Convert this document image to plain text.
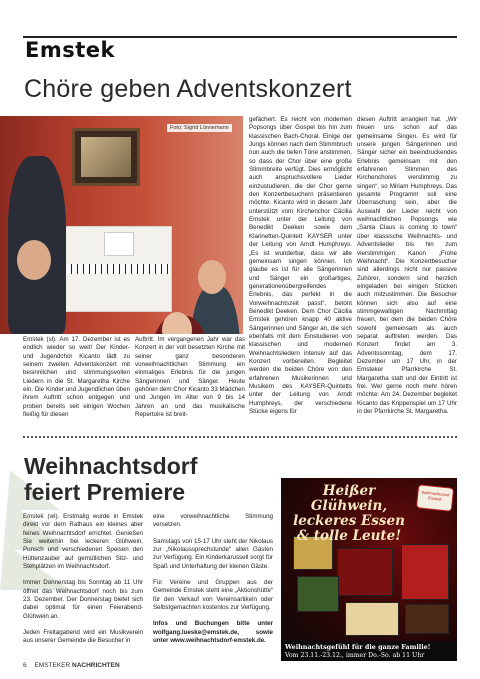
Emstek
Chöre geben Adventskonzert
Foto: Sigrid Lünnemann

Emstek (sl). Am 17. Dezember ist es endlich wieder so weit! Der Kinder- und Jugendchor Kicanto lädt zu seinem zweiten Adventskonzert mit besinnlichen und stimmungsvollen Liedern in die St. Margaretha Kirche ein. Die Kinder und Jugendlichen üben ihrem Auftritt schon entgegen und proben bereits seit einigen Wochen fleißig für diesen

Auftritt. Im vergangenen Jahr war das Konzert in der voll besetzten Kirche mit seiner ganz besonderen vorweihnachtlichen Stimmung ein einmaliges Erlebnis für die jungen Sängerinnen und Sänger. Heute gehören dem Chor Kicanto 33 Mädchen und Jungen im Alter von 9 bis 14 Jahren an und das musikalische Repertoire ist breit-

gefächert. Es reicht von modernen Popsongs über Gospel bis hin zum klassischen Bach-Choral. Einige der Jungs können nach dem Stimmbruch nun auch die tiefen Töne anstimmen, so dass der Chor über eine große Stimmbreite verfügt. Dies ermöglicht auch anspruchsvollere Lieder einzustudieren, die der Chor gerne den Konzertbesuchern präsentieren möchte. Kicanto wird in diesem Jahr unterstützt vom Kirchenchor Cäcilia Emstek unter der Leitung von Benedikt Deeken sowie dem Klarinetten-Quintett KAYSER unter der Leitung von Arndt Humphreys. „Es ist wunderbar, dass wir alle gemeinsam singen können. Ich glaube es ist für alle Sängerinnen und Sänger ein großartiges, generationenübergreifendes Erlebnis, das perfekt in die Vorweihnachtszeit passt“, betont Benedikt Deeken. Dem Chor Cäcilia Emstek gehören knapp 40 aktive Sängerinnen und Sänger an, die sich ebenfalls mit dem Einstudieren von klassischen und modernen Weihnachtsliedern intensiv auf das Konzert vorbereiten. Begleitet werden die beiden Chöre von den erfahrenen Musikerinnen und Musikern des KAYSER-Quintetts unter der Leitung von Arndt Humphreys, der verschiedene Stücke eigens für

diesen Auftritt arrangiert hat. „Wir freuen uns schon auf das gemeinsame Singen. Es wird für unsere jungen Sängerinnen und Sänger sicher ein beeindruckendes Erlebnis gemeinsam mit den erfahrenen Stimmen des Kirchenchores vierstimmig zu singen“, so Miriam Humphreys. Das gesamte Programm soll eine Überraschung sein, aber die Auswahl der Lieder reicht von weihnachtlichen Popsongs wie „Santa Claus is coming to town“ über klassische Weihnachts- und Adventslieder bis hin zum vierstimmigen Kanon „Frohe Weihnacht“. Die Konzertbesucher sind allerdings nicht nur passive Zuhörer, sondern sind herzlich eingeladen bei einigen Stücken auch mitzustimmen. Die Besucher können sich also auf eine stimmgewaltigen Nachmittag freuen, bei dem die beiden Chöre sowohl gemeinsam als auch separat auftreten werden. Das Konzert findet am 3. Adventssonntag, dem 17. Dezember um 17 Uhr, in der Emsteker Pfarrkirche St. Margaretha statt und der Eintritt ist frei. Wer gerne noch mehr hören möchte: Am 24. Dezember begleitet Kicanto das Krippenspiel um 17 Uhr in der Pfarrkirche St. Margaretha.

Weihnachtsdorf
feiert Premiere

Emstek (wl). Erstmalig wurde in Emstek direkt vor dem Rathaus ein kleines aber feines Weihnachtsdorf errichtet. Genießen Sie weiterhin bei leckeren Glühwein, Punsch und verschiedenen Speisen den Hüttenzauber auf gemütlichen Sitz- und Stehplätzen im Weihnachtsdorf.

Immer Donnerstag bis Sonntag ab 11 Uhr öffnet das Weihnachtsdorf noch bis zum 23. Dezember. Der Donnerstag bietet sich dabei optimal für einen Feierabend-Glühwein an.

Jeden Freitagabend wird ein Musikverein aus unserer Gemeinde die Besucher in

eine vorweihnachtliche Stimmung versetzen.

Samstags von 15-17 Uhr steht der Nikolaus zur „Nikolaussprechstunde“ allen Gästen zur Verfügung. Ein Kinderkarussell sorgt für Spaß und Unterhaltung der kleinen Gäste.

Für Vereine und Gruppen aus der Gemeinde Emstek steht eine „Aktionshütte“ für den Verkauf von Vereinsartikeln oder Selbstgemachten kostenlos zur Verfügung.

Infos und Buchungen bitte unter wolfgang.lueske@emstek.de, sowie unter www.weihnachtsdorf-emstek.de.

Heißer Glühwein,
leckeres Essen
& tolle Leute!
Weihnachtsdorf Emstek
Weihnachtsgefühl für die ganze Familie!
Vom 23.11.-23.12., immer Do.-So. ab 11 Uhr
6 EMSTEKER NACHRICHTEN
